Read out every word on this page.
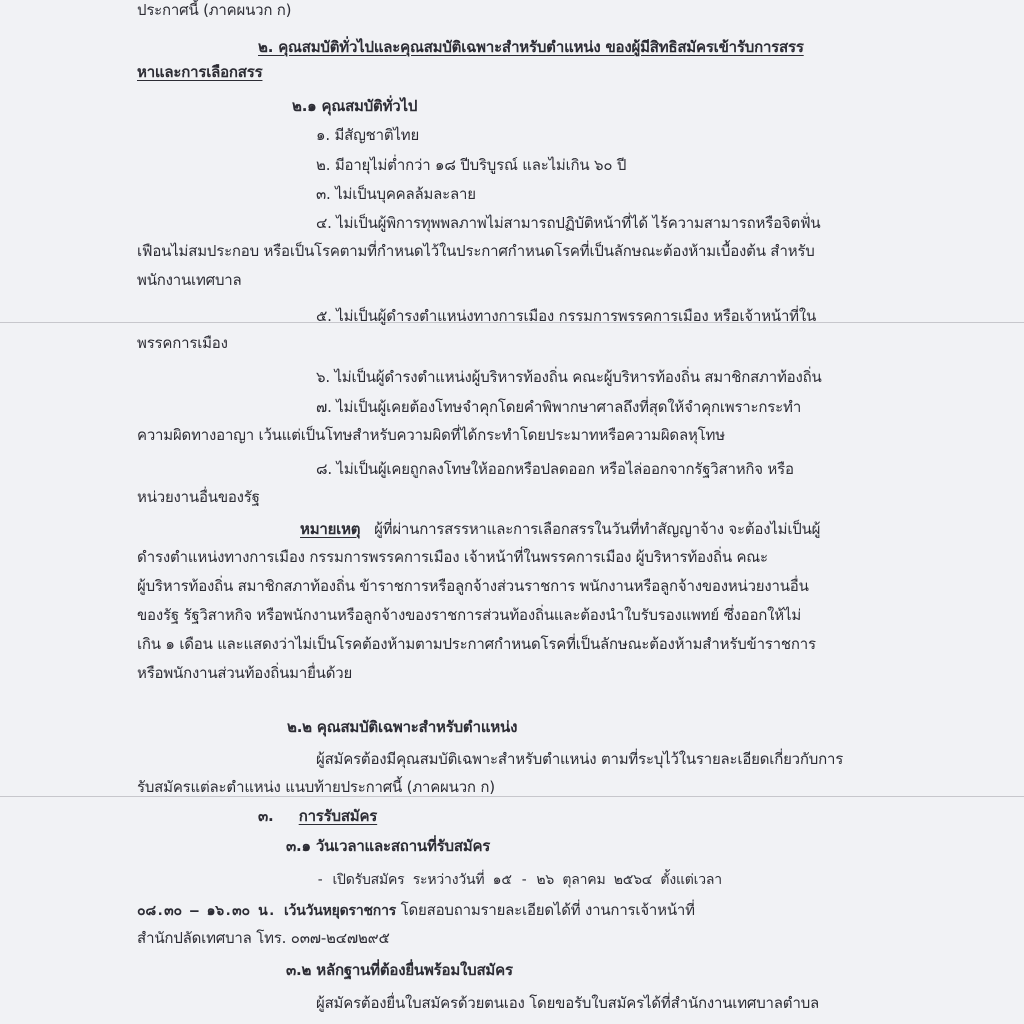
ประกาศนี้ (ภาคผนวก ก)
๒. คุณสมบัติทั่วไปและคุณสมบัติเฉพาะสำหรับตำแหน่ง ของผู้มีสิทธิสมัครเข้ารับการสรร
หาและการเลือกสรร
๒.๑ คุณสมบัติทั่วไป
๑. มีสัญชาติไทย
๒. มีอายุไม่ต่ำกว่า ๑๘ ปีบริบูรณ์ และไม่เกิน ๖๐ ปี
๓. ไม่เป็นบุคคลล้มละลาย
๔. ไม่เป็นผู้พิการทุพพลภาพไม่สามารถปฏิบัติหน้าที่ได้ ไร้ความสามารถหรือจิตฟั่น
เฟือนไม่สมประกอบ หรือเป็นโรคตามที่กำหนดไว้ในประกาศกำหนดโรคที่เป็นลักษณะต้องห้ามเบื้องต้น สำหรับ
พนักงานเทศบาล
๕. ไม่เป็นผู้ดำรงตำแหน่งทางการเมือง กรรมการพรรคการเมือง หรือเจ้าหน้าที่ใน
พรรคการเมือง
๖. ไม่เป็นผู้ดำรงตำแหน่งผู้บริหารท้องถิ่น คณะผู้บริหารท้องถิ่น สมาชิกสภาท้องถิ่น
๗. ไม่เป็นผู้เคยต้องโทษจำคุกโดยคำพิพากษาศาลถึงที่สุดให้จำคุกเพราะกระทำ
ความผิดทางอาญา เว้นแต่เป็นโทษสำหรับความผิดที่ได้กระทำโดยประมาทหรือความผิดลหุโทษ
๘. ไม่เป็นผู้เคยถูกลงโทษให้ออกหรือปลดออก หรือไล่ออกจากรัฐวิสาหกิจ หรือ
หน่วยงานอื่นของรัฐ
หมายเหตุ ผู้ที่ผ่านการสรรหาและการเลือกสรรในวันที่ทำสัญญาจ้าง จะต้องไม่เป็นผู้
ดำรงตำแหน่งทางการเมือง กรรมการพรรคการเมือง เจ้าหน้าที่ในพรรคการเมือง ผู้บริหารท้องถิ่น คณะ
ผู้บริหารท้องถิ่น สมาชิกสภาท้องถิ่น ข้าราชการหรือลูกจ้างส่วนราชการ พนักงานหรือลูกจ้างของหน่วยงานอื่น
ของรัฐ รัฐวิสาหกิจ หรือพนักงานหรือลูกจ้างของราชการส่วนท้องถิ่นและต้องนำใบรับรองแพทย์ ซึ่งออกให้ไม่
เกิน ๑ เดือน และแสดงว่าไม่เป็นโรคต้องห้ามตามประกาศกำหนดโรคที่เป็นลักษณะต้องห้ามสำหรับข้าราชการ
หรือพนักงานส่วนท้องถิ่นมายื่นด้วย
๒.๒ คุณสมบัติเฉพาะสำหรับตำแหน่ง
ผู้สมัครต้องมีคุณสมบัติเฉพาะสำหรับตำแหน่ง ตามที่ระบุไว้ในรายละเอียดเกี่ยวกับการ
รับสมัครแต่ละตำแหน่ง แนบท้ายประกาศนี้ (ภาคผนวก ก)
๓. การรับสมัคร
๓.๑ วันเวลาและสถานที่รับสมัคร
- เปิดรับสมัคร ระหว่างวันที่ ๑๕ - ๒๖ ตุลาคม ๒๕๖๔ ตั้งแต่เวลา
๐๘.๓๐ – ๑๖.๓๐ น. เว้นวันหยุดราชการ โดยสอบถามรายละเอียดได้ที่ งานการเจ้าหน้าที่
สำนักปลัดเทศบาล โทร. ๐๓๗-๒๔๗๒๙๕
๓.๒ หลักฐานที่ต้องยื่นพร้อมใบสมัคร
ผู้สมัครต้องยื่นใบสมัครด้วยตนเอง โดยขอรับใบสมัครได้ที่สำนักงานเทศบาลตำบล
